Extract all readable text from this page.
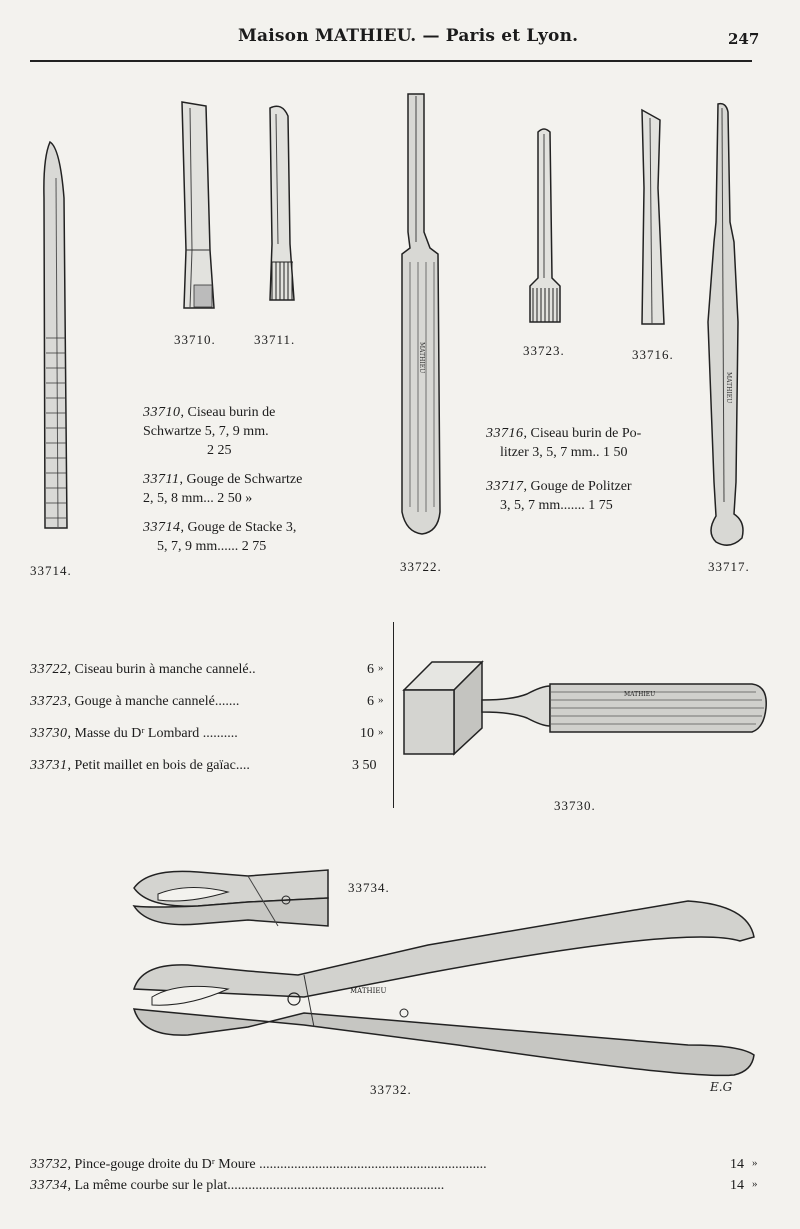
Maison MATHIEU. — Paris et Lyon.	247
33710.	33711.
33710, Ciseau burin de
Schwartze 5, 7, 9 mm.
2 25
33711, Gouge de Schwartze
2, 5, 8 mm... 2 50 »
33714, Gouge de Stacke 3,
5, 7, 9 mm...... 2 75
33714.
MATHIEU
MATHIEU
33723.	33716.
33716, Ciseau burin de Po-
litzer 3, 5, 7 mm.. 1 50
33717, Gouge de Politzer
3, 5, 7 mm....... 1 75
33722.	33717.
33722, Ciseau burin à manche cannelé..	6 »
33723, Gouge à manche cannelé.......	6 »
33730, Masse du Dʳ Lombard ..........	10 »
33731, Petit maillet en bois de gaïac....	3 50
MATHIEU
33730.
33734.
MATHIEU
E.G
33732.
33732, Pince-gouge droite du Dʳ Moure .................................................................	14 »
33734, La même courbe sur le plat..............................................................	14 »
